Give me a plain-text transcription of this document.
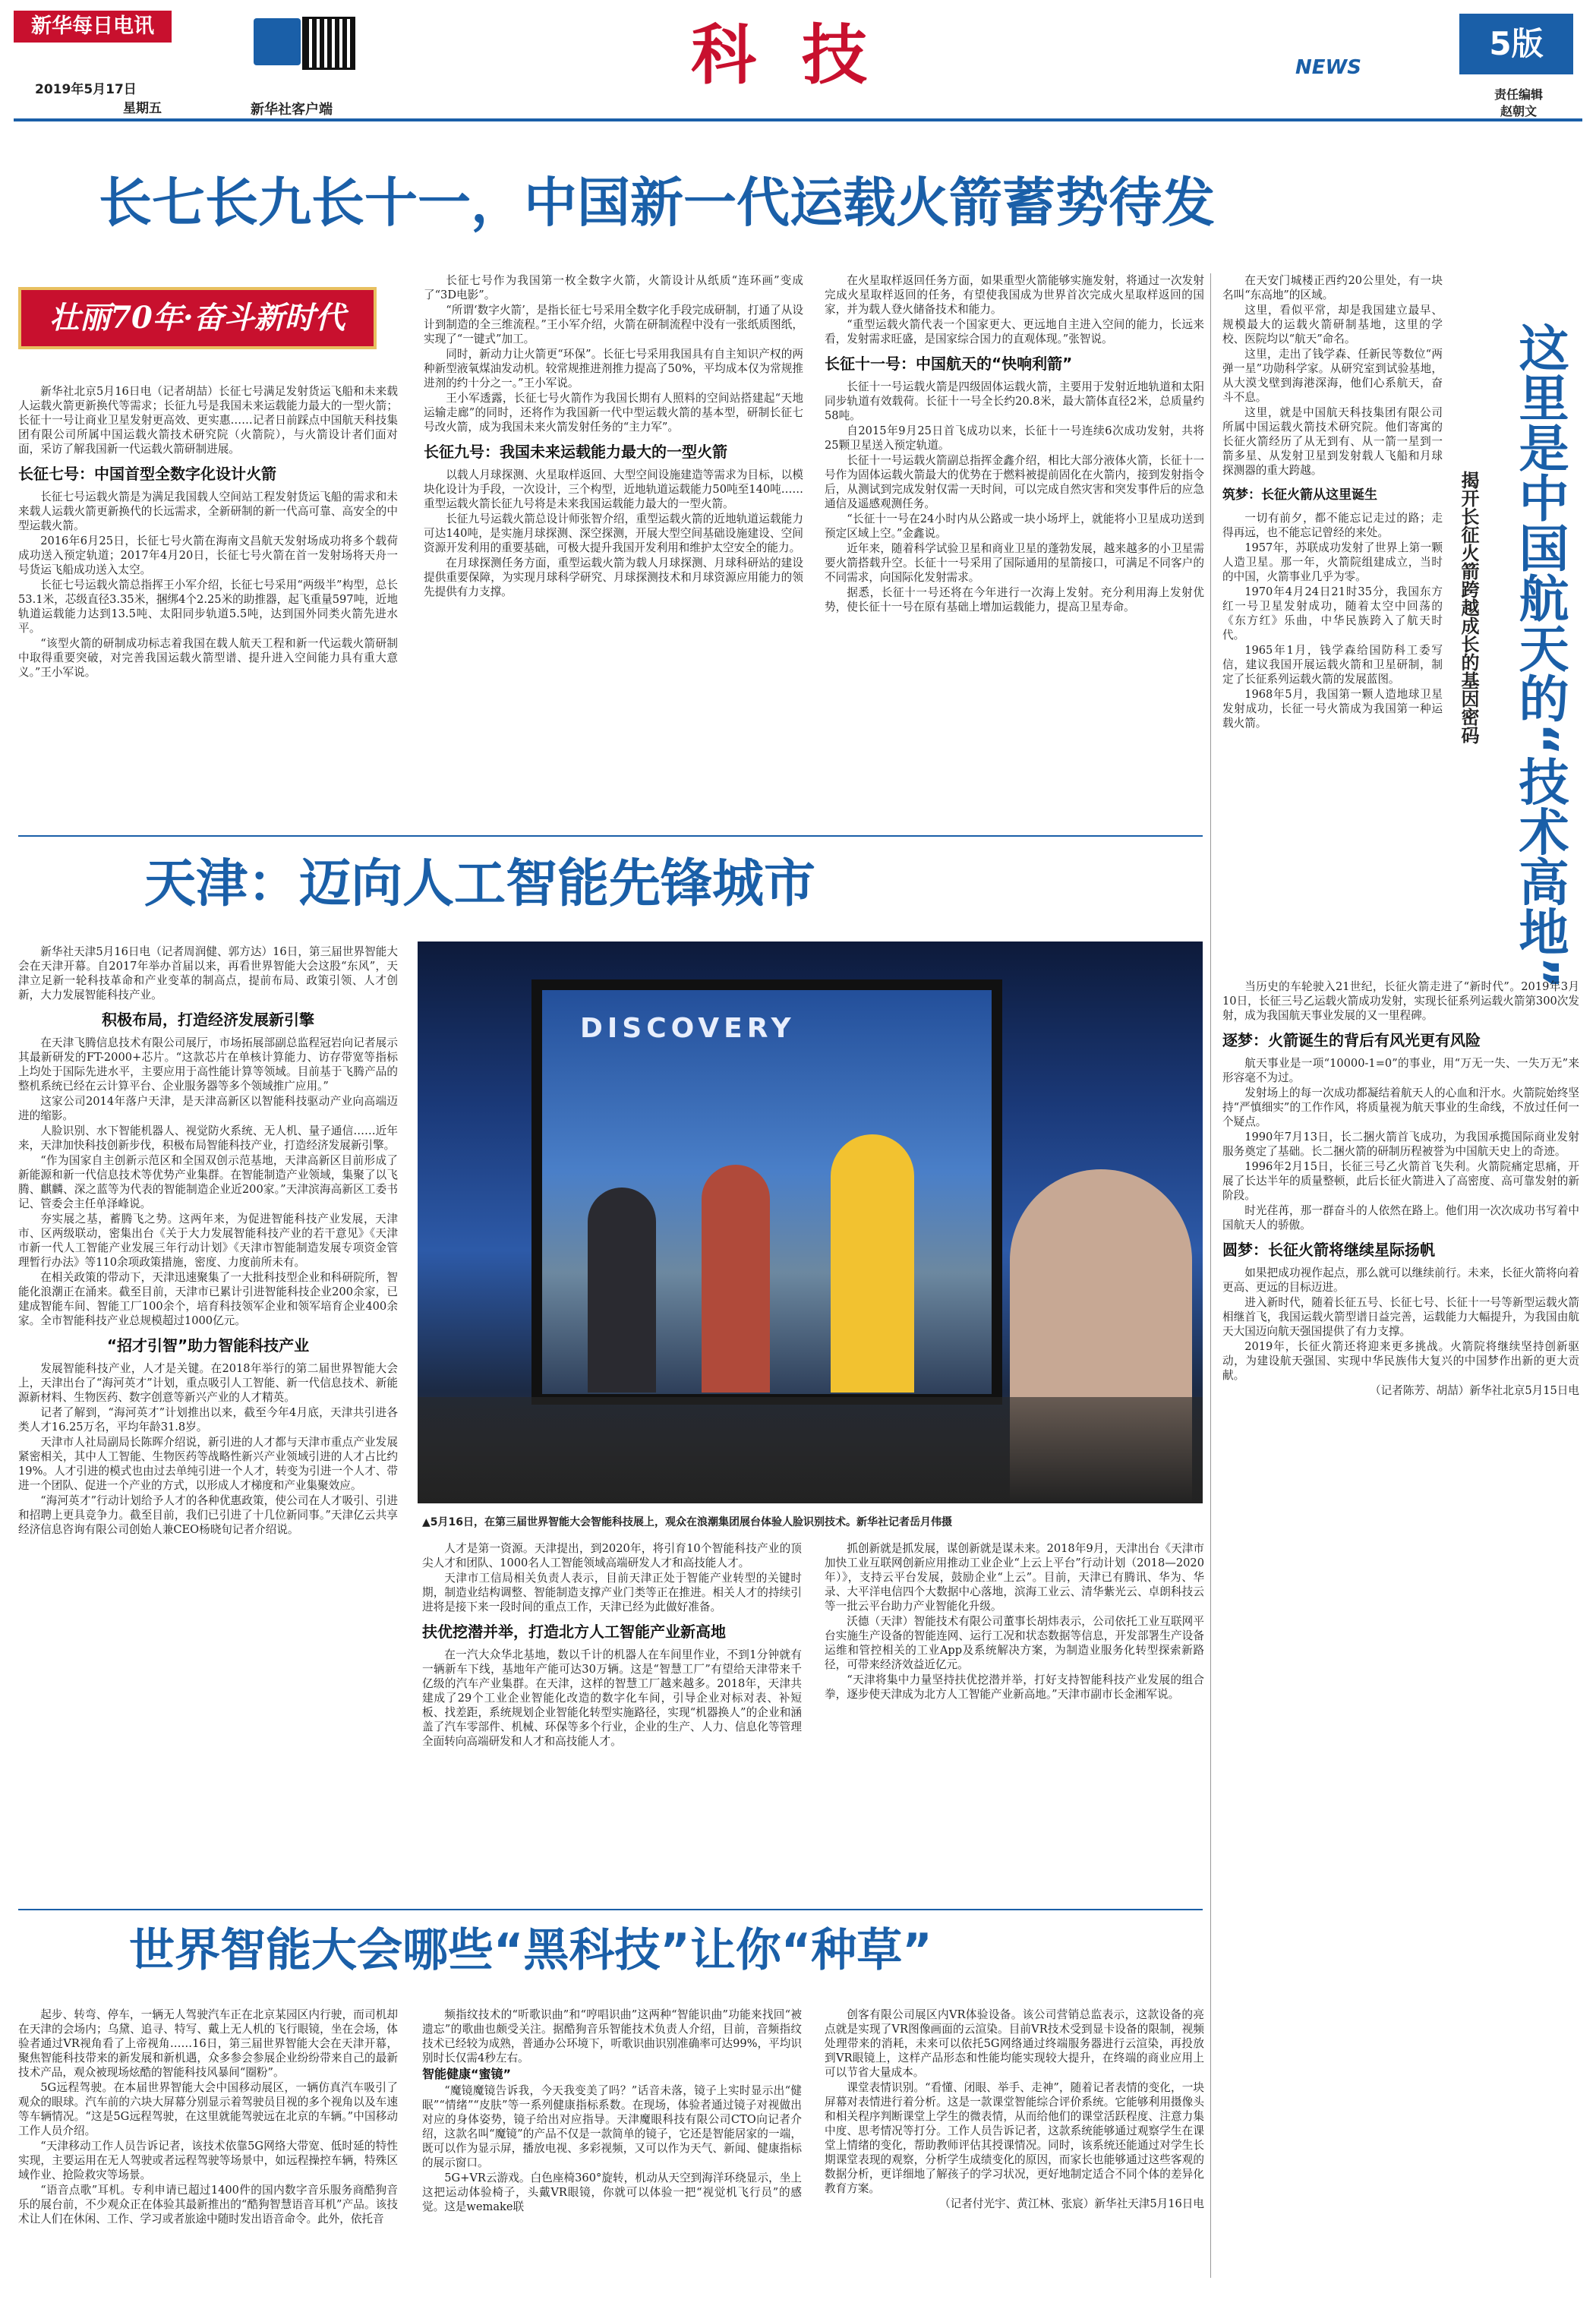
新华每日电讯
2019年5月17日
星期五	新华社客户端
科技	NEWS
5版
责任编辑
赵朝文
长七长九长十一，中国新一代运载火箭蓄势待发
壮丽70年·奋斗新时代

新华社北京5月16日电（记者胡喆）长征七号满足发射货运飞船和未来载人运载火箭更新换代等需求；长征九号是我国未来运载能力最大的一型火箭；长征十一号让商业卫星发射更高效、更实惠……记者日前踩点中国航天科技集团有限公司所属中国运载火箭技术研究院（火箭院），与火箭设计者们面对面，采访了解我国新一代运载火箭研制进展。

长征七号：中国首型全数字化设计火箭

长征七号运载火箭是为满足我国载人空间站工程发射货运飞船的需求和未来载人运载火箭更新换代的长远需求，全新研制的新一代高可靠、高安全的中型运载火箭。

2016年6月25日，长征七号火箭在海南文昌航天发射场成功将多个载荷成功送入预定轨道；2017年4月20日，长征七号火箭在首一发射场将天舟一号货运飞船成功送入太空。

长征七号运载火箭总指挥王小军介绍，长征七号采用“两级半”构型，总长53.1米，芯级直径3.35米，捆绑4个2.25米的助推器，起飞重量597吨，近地轨道运载能力达到13.5吨、太阳同步轨道5.5吨，达到国外同类火箭先进水平。

“该型火箭的研制成功标志着我国在载人航天工程和新一代运载火箭研制中取得重要突破，对完善我国运载火箭型谱、提升进入空间能力具有重大意义。”王小军说。

长征七号作为我国第一枚全数字火箭，火箭设计从纸质“连环画”变成了“3D电影”。

“所谓‘数字火箭’，是指长征七号采用全数字化手段完成研制，打通了从设计到制造的全三维流程。”王小军介绍，火箭在研制流程中没有一张纸质图纸，实现了“一键式”加工。

同时，新动力让火箭更“环保”。长征七号采用我国具有自主知识产权的两种新型液氧煤油发动机。较常规推进剂推力提高了50%，平均成本仅为常规推进剂的约十分之一。”王小军说。

王小军透露，长征七号火箭作为我国长期有人照料的空间站搭建起“天地运输走廊”的同时，还将作为我国新一代中型运载火箭的基本型，研制长征七号改火箭，成为我国未来火箭发射任务的“主力军”。

长征九号：我国未来运载能力最大的一型火箭

以载人月球探测、火星取样返回、大型空间设施建造等需求为目标，以模块化设计为手段，一次设计，三个构型，近地轨道运载能力50吨至140吨……重型运载火箭长征九号将是未来我国运载能力最大的一型火箭。

长征九号运载火箭总设计师张智介绍，重型运载火箭的近地轨道运载能力可达140吨，是实施月球探测、深空探测，开展大型空间基础设施建设、空间资源开发利用的重要基础，可极大提升我国开发利用和维护太空安全的能力。

在月球探测任务方面，重型运载火箭为载人月球探测、月球科研站的建设提供重要保障，为实现月球科学研究、月球探测技术和月球资源应用能力的领先提供有力支撑。

在火星取样返回任务方面，如果重型火箭能够实施发射，将通过一次发射完成火星取样返回的任务，有望使我国成为世界首次完成火星取样返回的国家，并为载人登火储备技术和能力。

“重型运载火箭代表一个国家更大、更远地自主进入空间的能力，长远来看，发射需求旺盛，是国家综合国力的直观体现。”张智说。

长征十一号：中国航天的“快响利箭”

长征十一号运载火箭是四级固体运载火箭，主要用于发射近地轨道和太阳同步轨道有效载荷。长征十一号全长约20.8米，最大箭体直径2米，总质量约58吨。

自2015年9月25日首飞成功以来，长征十一号连续6次成功发射，共将25颗卫星送入预定轨道。

长征十一号运载火箭副总指挥金鑫介绍，相比大部分液体火箭，长征十一号作为固体运载火箭最大的优势在于燃料被提前固化在火箭内，接到发射指令后，从测试到完成发射仅需一天时间，可以完成自然灾害和突发事件后的应急通信及遥感观测任务。

“长征十一号在24小时内从公路或一块小场坪上，就能将小卫星成功送到预定区域上空。”金鑫说。

近年来，随着科学试验卫星和商业卫星的蓬勃发展，越来越多的小卫星需要火箭搭载升空。长征十一号采用了国际通用的星箭接口，可满足不同客户的不同需求，向国际化发射需求。

据悉，长征十一号还将在今年进行一次海上发射。充分利用海上发射优势，使长征十一号在原有基础上增加运载能力，提高卫星寿命。

天津：迈向人工智能先锋城市

新华社天津5月16日电（记者周润健、郭方达）16日，第三届世界智能大会在天津开幕。自2017年举办首届以来，再看世界智能大会这股“东风”，天津立足新一轮科技革命和产业变革的制高点，提前布局、政策引领、人才创新，大力发展智能科技产业。

积极布局，打造经济发展新引擎

在天津飞腾信息技术有限公司展厅，市场拓展部副总监程冠岩向记者展示其最新研发的FT-2000+芯片。“这款芯片在单核计算能力、访存带宽等指标上均处于国际先进水平，主要应用于高性能计算等领域。目前基于飞腾产品的整机系统已经在云计算平台、企业服务器等多个领域推广应用。”

这家公司2014年落户天津，是天津高新区以智能科技驱动产业向高端迈进的缩影。

人脸识别、水下智能机器人、视觉防火系统、无人机、量子通信……近年来，天津加快科技创新步伐，积极布局智能科技产业，打造经济发展新引擎。

“作为国家自主创新示范区和全国双创示范基地，天津高新区目前形成了新能源和新一代信息技术等优势产业集群。在智能制造产业领域，集聚了以飞腾、麒麟、深之蓝等为代表的智能制造企业近200家。”天津滨海高新区工委书记、管委会主任单泽峰说。

夯实展之基，蓄腾飞之势。这两年来，为促进智能科技产业发展，天津市、区两级联动，密集出台《关于大力发展智能科技产业的若干意见》《天津市新一代人工智能产业发展三年行动计划》《天津市智能制造发展专项资金管理暂行办法》等110余项政策措施，密度、力度前所未有。

在相关政策的带动下，天津迅速聚集了一大批科技型企业和科研院所，智能化浪潮正在涌来。截至目前，天津市已累计引进智能科技企业200余家，已建成智能车间、智能工厂100余个，培育科技领军企业和领军培育企业400余家。全市智能科技产业总规模超过1000亿元。

“招才引智”助力智能科技产业

发展智能科技产业，人才是关键。在2018年举行的第二届世界智能大会上，天津出台了“海河英才”计划，重点吸引人工智能、新一代信息技术、新能源新材料、生物医药、数字创意等新兴产业的人才精英。

记者了解到，“海河英才”计划推出以来，截至今年4月底，天津共引进各类人才16.25万名，平均年龄31.8岁。

天津市人社局副局长陈晖介绍说，新引进的人才都与天津市重点产业发展紧密相关，其中人工智能、生物医药等战略性新兴产业领域引进的人才占比约19%。人才引进的模式也由过去单纯引进一个人才，转变为引进一个人才、带进一个团队、促进一个产业的方式，以形成人才梯度和产业集聚效应。

“海河英才”行动计划给予人才的各种优惠政策，使公司在人才吸引、引进和招聘上更具竞争力。截至目前，我们已引进了十几位新同事。”天津亿云共享经济信息咨询有限公司创始人兼CEO杨晓旬记者介绍说。

DISCOVERY
▲5月16日，在第三届世界智能大会智能科技展上，观众在浪潮集团展台体验人脸识别技术。新华社记者岳月伟摄

人才是第一资源。天津提出，到2020年，将引育10个智能科技产业的顶尖人才和团队、1000名人工智能领域高端研发人才和高技能人才。

天津市工信局相关负责人表示，目前天津正处于智能产业转型的关键时期，制造业结构调整、智能制造支撑产业门类等正在推进。相关人才的持续引进将是接下来一段时间的重点工作，天津已经为此做好准备。

扶优挖潜并举，打造北方人工智能产业新高地

在一汽大众华北基地，数以千计的机器人在车间里作业，不到1分钟就有一辆新车下线，基地年产能可达30万辆。这是“智慧工厂”有望给天津带来千亿级的汽车产业集群。在天津，这样的智慧工厂越来越多。2018年，天津共建成了29个工业企业智能化改造的数字化车间，引导企业对标对表、补短板、找差距，系统规划企业智能化转型实施路径，实现“机器换人”的企业和涵盖了汽车零部件、机械、环保等多个行业，企业的生产、人力、信息化等管理全面转向高端研发和人才和高技能人才。

抓创新就是抓发展，谋创新就是谋未来。2018年9月，天津出台《天津市加快工业互联网创新应用推动工业企业“上云上平台”行动计划（2018—2020年）》，支持云平台发展，鼓励企业“上云”。目前，天津已有腾讯、华为、华录、大平洋电信四个大数据中心落地，滨海工业云、清华紫光云、卓朗科技云等一批云平台助力产业智能化升级。

沃德（天津）智能技术有限公司董事长胡炜表示，公司依托工业互联网平台实施生产设备的智能连网、运行工况和状态数据等信息，开发部署生产设备运维和管控相关的工业App及系统解决方案，为制造业服务化转型探索新路径，可带来经济效益近亿元。

“天津将集中力量坚持扶优挖潜并举，打好支持智能科技产业发展的组合拳，逐步使天津成为北方人工智能产业新高地。”天津市副市长金湘军说。

世界智能大会哪些“黑科技”让你“种草”

起步、转弯、停车，一辆无人驾驶汽车正在北京某园区内行驶，而司机却在天津的会场内；乌黛、追寻、特写、戴上无人机的飞行眼镜，坐在会场，体验者通过VR视角看了上帝视角……16日，第三届世界智能大会在天津开幕，聚焦智能科技带来的新发展和新机遇，众多参会参展企业纷纷带来自己的最新技术产品，观众被现场炫酷的智能科技风暴间“圈粉”。

5G远程驾驶。在本届世界智能大会中国移动展区，一辆仿真汽车吸引了观众的眼球。汽车前的六块大屏幕分别显示着驾驶员目视的多个视角以及车速等车辆情况。“这是5G远程驾驶，在这里就能驾驶远在北京的车辆。”中国移动工作人员介绍。

“天津移动工作人员告诉记者，该技术依靠5G网络大带宽、低时延的特性实现，主要运用在无人驾驶或者远程驾驶等场景中，如远程操控车辆，特殊区域作业、抢险救灾等场景。

“语音点歌”耳机。专利申请已超过1400件的国内数字音乐服务商酷狗音乐的展台前，不少观众正在体验其最新推出的“酷狗智慧语音耳机”产品。该技术让人们在休闲、工作、学习或者旅途中随时发出语音命令。此外，依托音

频指纹技术的“听歌识曲”和“哼唱识曲”这两种“智能识曲”功能来找回“被遗忘”的歌曲也颇受关注。据酷狗音乐智能技术负责人介绍，目前，音频指纹技术已经较为成熟，普通办公环境下，听歌识曲识别准确率可达99%，平均识别时长仅需4秒左右。

智能健康“蜜镜”

“魔镜魔镜告诉我，今天我变美了吗？”话音未落，镜子上实时显示出“健眠”“情绪”“皮肤”等一系列健康指标系数。在现场，体验者通过镜子对视做出对应的身体姿势，镜子给出对应指导。天津魔眼科技有限公司CTO向记者介绍，这款名叫“魔镜”的产品不仅是一款简单的镜子，它还是智能居家的一端，既可以作为显示屏，播放电视、多彩视频，又可以作为天气、新闻、健康指标的展示窗口。

5G+VR云游戏。白色座椅360°旋转，机动从天空到海洋环绕显示，坐上这把运动体验椅子，头戴VR眼镜，你就可以体验一把“视觉机飞行员”的感觉。这是wemake联

创客有限公司展区内VR体验设备。该公司营销总监表示，这款设备的亮点就是实现了VR图像画面的云渲染。目前VR技术受到显卡设备的限制，视频处理带来的消耗，未来可以依托5G网络通过终端服务器进行云渲染，再投放到VR眼镜上，这样产品形态和性能均能实现较大提升，在终端的商业应用上可以节省大量成本。

课堂表情识别。“看懂、闭眼、举手、走神”，随着记者表情的变化，一块屏幕对表情进行着分析。这是一款课堂智能综合评价系统。它能够利用摄像头和相关程序判断课堂上学生的微表情，从而给他们的课堂活跃程度、注意力集中度、思考情况等打分。工作人员告诉记者，这款系统能够通过观察学生在课堂上情绪的变化，帮助教师评估其授课情况。同时，该系统还能通过对学生长期课堂表现的观察，分析学生成绩变化的原因，而家长也能够通过这些客观的数据分析，更详细地了解孩子的学习状况，更好地制定适合不同个体的差异化教育方案。

（记者付光宇、黄江林、张宸）新华社天津5月16日电

这里是中国航天的“技术高地”
揭开长征火箭跨越成长的基因密码

在天安门城楼正西约20公里处，有一块名叫“东高地”的区域。

这里，看似平常，却是我国建立最早、规模最大的运载火箭研制基地，这里的学校、医院均以“航天”命名。

这里，走出了钱学森、任新民等数位“两弹一星”功勋科学家。从研究室到试验基地，从大漠戈壁到海港深海，他们心系航天，奋斗不息。

这里，就是中国航天科技集团有限公司所属中国运载火箭技术研究院。他们寄寓的长征火箭经历了从无到有、从一箭一星到一箭多星、从发射卫星到发射载人飞船和月球探测器的重大跨越。

筑梦：长征火箭从这里诞生

一切有前夕，都不能忘记走过的路；走得再远，也不能忘记曾经的来处。

1957年，苏联成功发射了世界上第一颗人造卫星。那一年，火箭院组建成立，当时的中国，火箭事业几乎为零。

1970年4月24日21时35分，我国东方红一号卫星发射成功，随着太空中回荡的《东方红》乐曲，中华民族跨入了航天时代。

1965年1月，钱学森给国防科工委写信，建议我国开展运载火箭和卫星研制，制定了长征系列运载火箭的发展蓝图。

1968年5月，我国第一颗人造地球卫星发射成功，长征一号火箭成为我国第一种运载火箭。

当历史的车轮驶入21世纪，长征火箭走进了“新时代”。2019年3月10日，长征三号乙运载火箭成功发射，实现长征系列运载火箭第300次发射，成为我国航天事业发展的又一里程碑。

逐梦：火箭诞生的背后有风光更有风险

航天事业是一项“10000-1=0”的事业，用“万无一失、一失万无”来形容毫不为过。

发射场上的每一次成功都凝结着航天人的心血和汗水。火箭院始终坚持“严慎细实”的工作作风，将质量视为航天事业的生命线，不放过任何一个疑点。

1990年7月13日，长二捆火箭首飞成功，为我国承揽国际商业发射服务奠定了基础。长二捆火箭的研制历程被誉为中国航天史上的奇迹。

1996年2月15日，长征三号乙火箭首飞失利。火箭院痛定思痛，开展了长达半年的质量整顿，此后长征火箭进入了高密度、高可靠发射的新阶段。

时光荏苒，那一群奋斗的人依然在路上。他们用一次次成功书写着中国航天人的骄傲。

圆梦：长征火箭将继续星际扬帆

如果把成功视作起点，那么就可以继续前行。未来，长征火箭将向着更高、更远的目标迈进。

进入新时代，随着长征五号、长征七号、长征十一号等新型运载火箭相继首飞，我国运载火箭型谱日益完善，运载能力大幅提升，为我国由航天大国迈向航天强国提供了有力支撑。

2019年，长征火箭还将迎来更多挑战。火箭院将继续坚持创新驱动，为建设航天强国、实现中华民族伟大复兴的中国梦作出新的更大贡献。

（记者陈芳、胡喆）新华社北京5月15日电
